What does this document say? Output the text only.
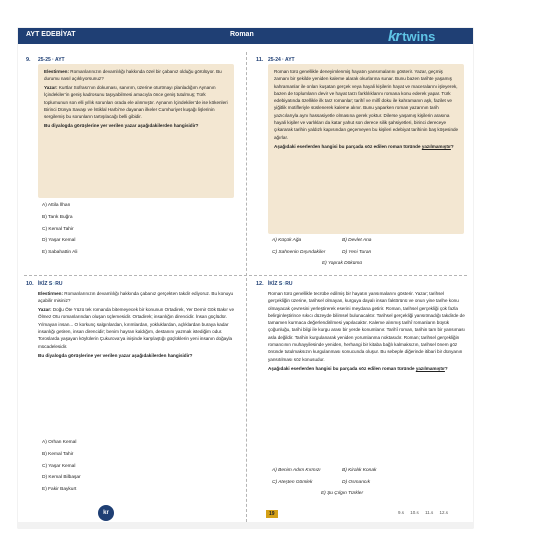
AYT EDEBİYAT	Roman	kr twins
9. 25-25 · AYT

Elestirmen: Romanlarınızın devamlılığı hakkında özel bir çabanız olduğu görülüyor. Bu durumu nasıl açıklıyorsunuz?

Yazar: Kurtlar Sofrası’nın dokuması, sanırım, üzerine oturtmayı planladığım Aynanın İçindekiler’in geniş kadrosunu taşıyabilmesi amacıyla önce geniş tutulmuş; Türk toplumunun son elli yıllık sorunları orada ele alınmıştır. Aynanın İçindekiler’de ise kökenleri Birinci Dünya Savaşı ve İstiklal Harbi’ne dayanan ilkeler Cumhuriyet kuşağı lişlerinin sergilemiş bu sorunların tartışılacağı belli gibidir.

Bu diyalogda görüşlerine yer verilen yazar aşağıdakilerden hangisidir?

A) Attila İlhan
B) Tarık Buğra
C) Kemal Tahir
D) Yaşar Kemal
E) Sabahattin Ali
11. 25-24 · AYT

Roman türü genellikle deneyimlenmiş hayatın yansımalarını gösterir. Yazar, geçmiş zamanı bir şekilde yeniden kaleme alarak okurlarına sunar. Bunu bazen tarihte yaşamış kahramanlar ile onları kuşatan gerçek veya hayali kişilerin hayat ve maceralarını işleyerek, bazen de toplumların devir ve hayat tarzı farklılıklarını romana konu ederek yapar. Türk edebiyatında özellikle ilk tarz romanlar; tarihî ve millî doku ile kahramanın aşk, fazilet ve yiğitlik motifleriyle süslenerek kaleme alınır. Bunu yaparken roman yazarının tarih yazıcılarıyla aynı hassasiyetle olmasına gerek yoktur. Dilerse yaşamış kişilerin arasına hayali kişiler ve varlıkları da katar yahut son derece silik şahsiyetleri, birinci dereceye çıkararak tarihin yaldızlı kapısından geçemeyen bu kişileri edebiyat tarihinin baş köşesinde ağırlar.

Aşağıdaki eserlerden hangisi bu parçada söz edilen roman türünde yazılmamıştır?

A) Küçük Ağa	B) Devlet Ana
C) Sahnenin Dışındakiler	D) Yeni Turan
E) Yaprak Dökümü
10. İKİZ S○RU

Elestirmen: Romanlarınızın devamlılığı hakkında çabanız gerçekten takdir ediyoruz. Bu konuyu açabilir misiniz?

Yazar: Doğu Öte Yüzü tek romanda bitemeyecek bir konunun Ortadirek, Yer Demir Gök Bakır ve Ölmez Otu romanlarından oluşan üçlemesidir. Ortadirek; insanlığın direncidir. İnsan güçlüdür. Yılmayan insan... O korkunç salgınlardan, kırımlardan, yokluklardan, açlıklardan buraya kadar insanlığı getiren, insan direncidir; benim hayran kaldığım, destanını yazmak istediğim odur. Toroslarda yaşayan köylülerin Çukurova’ya inişinde karşılaştığı güçlüklerin yeni insanın doğayla mücadelesidir.

Bu diyalogda görüşlerine yer verilen yazar aşağıdakilerden hangisidir?

A) Orhan Kemal
B) Kemal Tahir
C) Yaşar Kemal
D) Kemal Bilbaşar
E) Fakir Baykurt
12. İKİZ S○RU

Roman türü genellikle tecrübe edilmiş bir hayatın yansımalarını gösterir. Yazar; tarihsel gerçekliğin üzerine, tarihsel olmayan, kurguya dayalı insan faktörünü ve onun yine tarihe konu olmayacak çevresini yerleştirerek eserini meydana getirir. Roman, tarihsel gerçekliği çok fazla belirginleştirince sıkıcı düzeyde bilimsel bulunacaktır. Tarihsel gerçekliği yansıtmadığı takdirde de tamamen kurmaca değerlendirilmesi yapılacaktır. Kaleme alınmış tarihî romanların büyük çoğunluğu, tarihi bilgi ile kurgu arası bir yerde konumlanır. Tarihî roman, tarihin tam bir yansıması asla değildir. Tarihin kurgulanarak yeniden yorumlanma noktasıdır. Roman; tarihsel gerçekliğin romancının muhayyilesinde yeniden, herhangi bir kitaba bağlı kalmaksızın, tarihsel önem göz önünde tutulmaksızın kurgulanması sonucunda oluşur. Bu sebeple diğerinde itibari bir dünyanın yansıtılması söz konusudur.

Aşağıdaki eserlerden hangisi bu parçada söz edilen roman türünde yazılmamıştır?

A) Benim Adım Kırmızı	B) Kiralık Konak
C) Ateşten Gömlek	D) Osmancık
E) Şu Çılgın Türkler
kr	19	9.s 10.s 11.s 12.s
